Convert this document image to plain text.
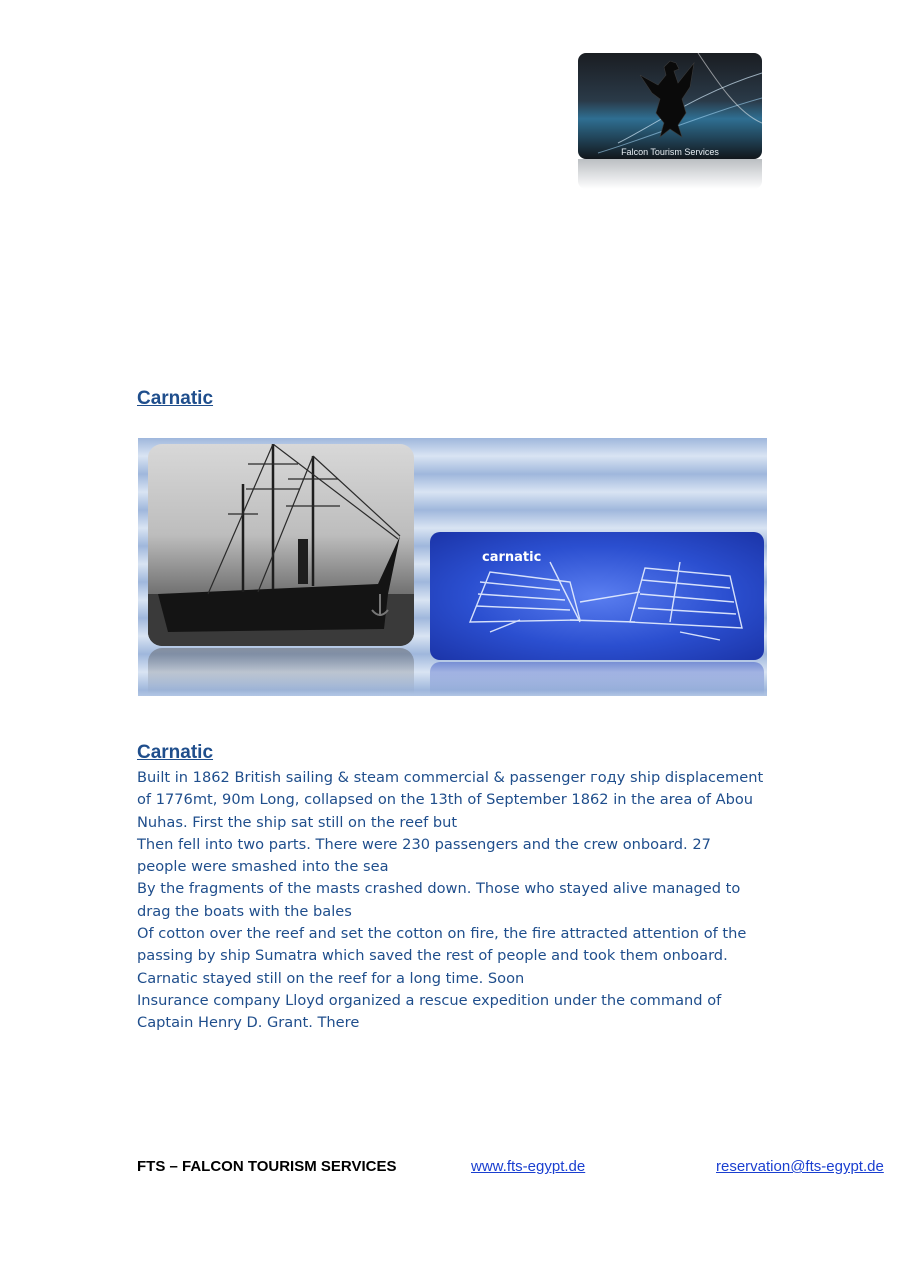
Falcon Tourism Services
Carnatic
carnatic
Carnatic
Built in 1862 British sailing & steam commercial & passenger году ship displacement
of 1776mt, 90m Long, collapsed on the 13th of September 1862 in the area of Abou
Nuhas. First the ship sat still on the reef but
Then fell into two parts. There were 230 passengers and the crew onboard. 27
people were smashed into the sea
By the fragments of the masts crashed down. Those who stayed alive managed to
drag the boats with the bales
Of cotton over the reef and set the cotton on fire, the fire attracted attention of the
passing by ship Sumatra which saved the rest of people and took them onboard.
Carnatic stayed still on the reef for a long time. Soon
Insurance company Lloyd organized a rescue expedition under the command of
Captain Henry D. Grant. There
FTS – FALCON TOURISM SERVICES	www.fts-egypt.de	reservation@fts-egypt.de
